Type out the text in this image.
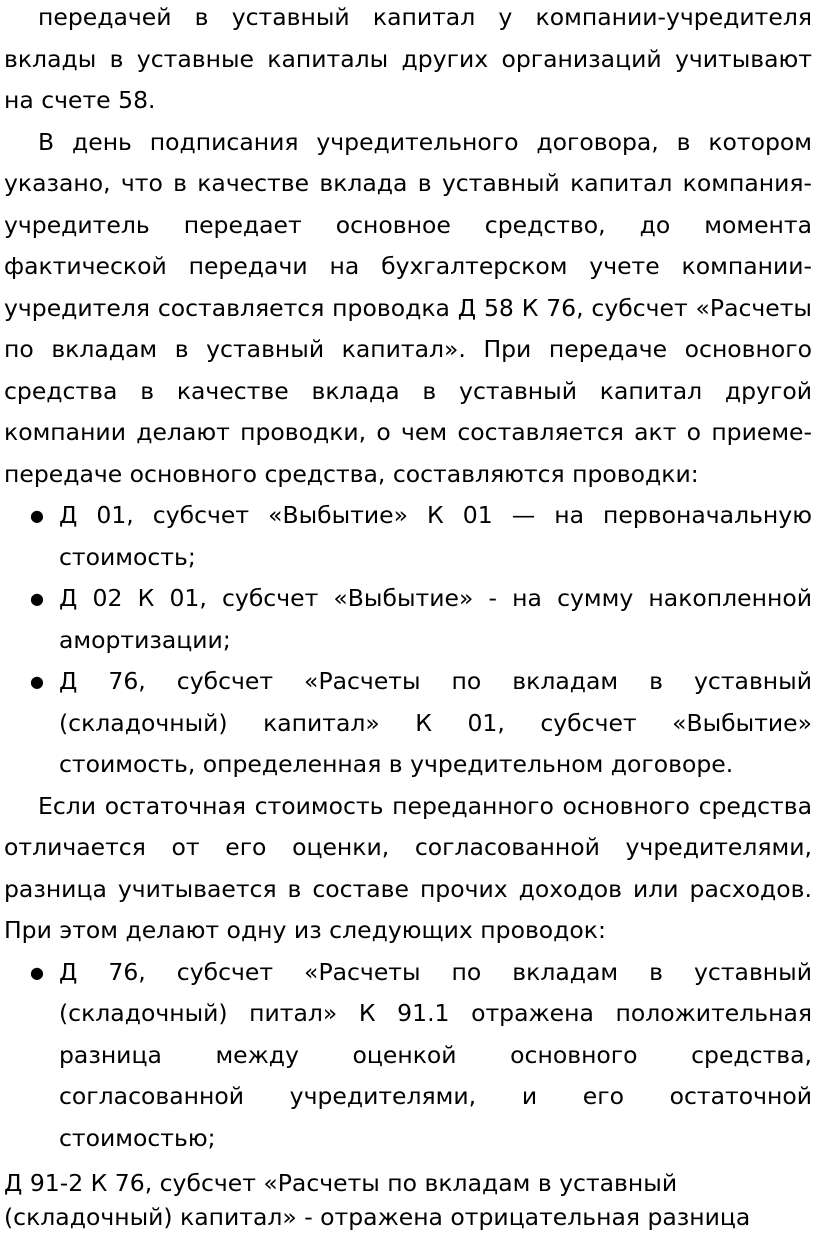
передачей в уставный капитал у компании-учредителя вклады в уставные капиталы других организаций учитывают на счете 58.

В день подписания учредительного договора, в котором указано, что в качестве вклада в уставный капитал компания-учредитель передает основное средство, до момента фактической передачи на бухгалтерском учете компании-учредителя составляется проводка Д 58 К 76, субсчет «Расчеты по вкладам в уставный капитал». При передаче основного средства в качестве вклада в уставный капитал другой компании делают проводки, о чем составляется акт о приеме-передаче основного средства, составляются проводки:

● Д 01, субсчет «Выбытие» К 01 — на первоначальную стоимость;
● Д 02 К 01, субсчет «Выбытие» - на сумму накопленной амортизации;
● Д 76, субсчет «Расчеты по вкладам в уставный (складочный) капитал» К 01, субсчет «Выбытие» стоимость, определенная в учредительном договоре.

Если остаточная стоимость переданного основного средства отличается от его оценки, согласованной учредителями, разница учитывается в составе прочих доходов или расходов. При этом делают одну из следующих проводок:

● Д 76, субсчет «Расчеты по вкладам в уставный (складочный) питал» К 91.1 отражена положительная разница между оценкой основного средства, согласованной учредителями, и его остаточной стоимостью;

Д 91-2 К 76, субсчет «Расчеты по вкладам в уставный (складочный) капитал» - отражена отрицательная разница
